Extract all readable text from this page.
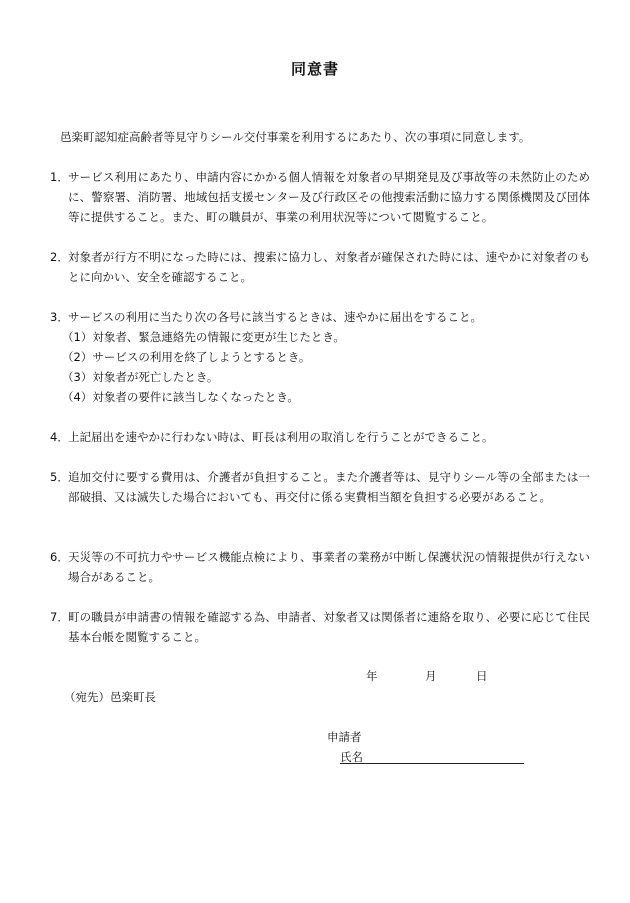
同意書
邑楽町認知症高齢者等見守りシール交付事業を利用するにあたり、次の事項に同意します。
1． サービス利用にあたり、申請内容にかかる個人情報を対象者の早期発見及び事故等の未然防止のために、警察署、消防署、地域包括支援センター及び行政区その他捜索活動に協力する関係機関及び団体等に提供すること。また、町の職員が、事業の利用状況等について閲覧すること。
2． 対象者が行方不明になった時には、捜索に協力し、対象者が確保された時には、速やかに対象者のもとに向かい、安全を確認すること。
3． サービスの利用に当たり次の各号に該当するときは、速やかに届出をすること。
（1）対象者、緊急連絡先の情報に変更が生じたとき。
（2）サービスの利用を終了しようとするとき。
（3）対象者が死亡したとき。
（4）対象者の要件に該当しなくなったとき。
4． 上記届出を速やかに行わない時は、町長は利用の取消しを行うことができること。
5． 追加交付に要する費用は、介護者が負担すること。また介護者等は、見守りシール等の全部または一部破損、又は滅失した場合においても、再交付に係る実費相当額を負担する必要があること。
6． 天災等の不可抗力やサービス機能点検により、事業者の業務が中断し保護状況の情報提供が行えない場合があること。
7． 町の職員が申請書の情報を確認する為、申請者、対象者又は関係者に連絡を取り、必要に応じて住民基本台帳を閲覧すること。
年	月	日
（宛先）邑楽町長
申請者
氏名
